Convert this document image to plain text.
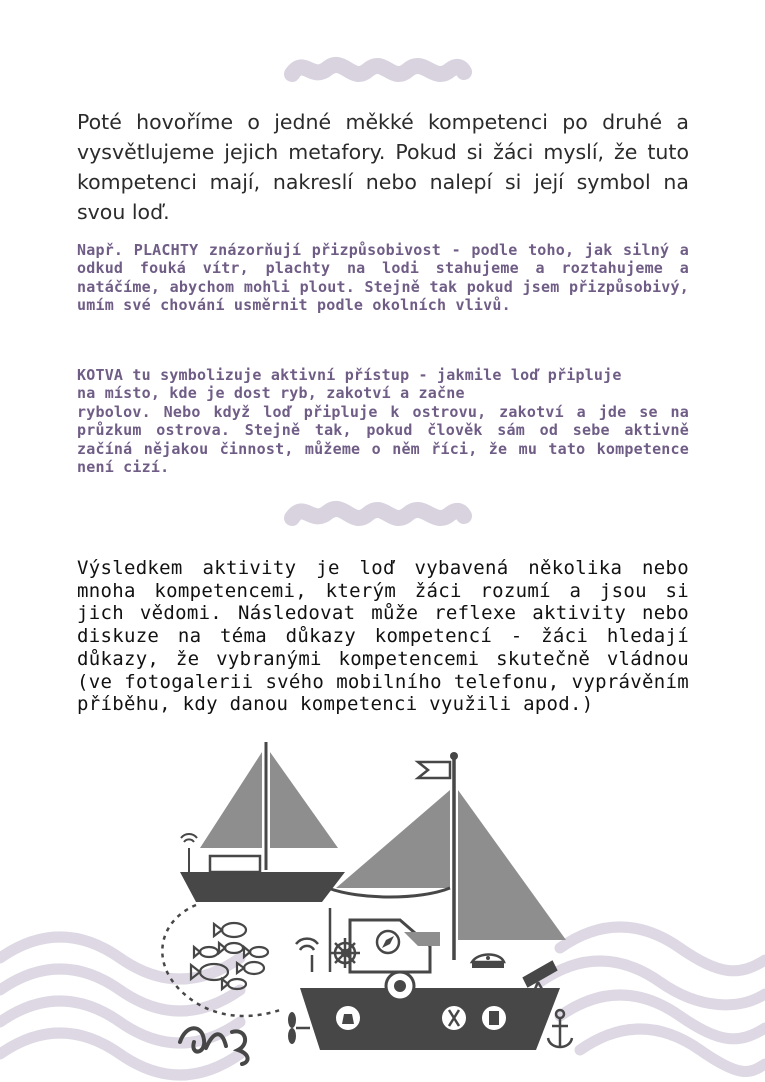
Poté hovoříme o jedné měkké kompetenci po druhé a vysvětlujeme jejich metafory. Pokud si žáci myslí, že tuto kompetenci mají, nakreslí nebo nalepí si její symbol na svou loď.

Např. PLACHTY znázorňují přizpůsobivost - podle toho, jak silný a odkud fouká vítr, plachty na lodi stahujeme a roztahujeme a natáčíme, abychom mohli plout. Stejně tak pokud jsem přizpůsobivý, umím své chování usměrnit podle okolních vlivů.

KOTVA tu symbolizuje aktivní přístup - jakmile loď připluje na místo, kde je dost ryb, zakotví a začne
rybolov. Nebo když loď připluje k ostrovu, zakotví a jde se na průzkum ostrova. Stejně tak, pokud člověk sám od sebe aktivně začíná nějakou činnost, můžeme o něm říci, že mu tato kompetence není cizí.

Výsledkem aktivity je loď vybavená několika nebo mnoha kompetencemi, kterým žáci rozumí a jsou si jich vědomi. Následovat může reflexe aktivity nebo diskuze na téma důkazy kompetencí - žáci hledají důkazy, že vybranými kompetencemi skutečně vládnou (ve fotogalerii svého mobilního telefonu, vyprávěním příběhu, kdy danou kompetenci využili apod.)
